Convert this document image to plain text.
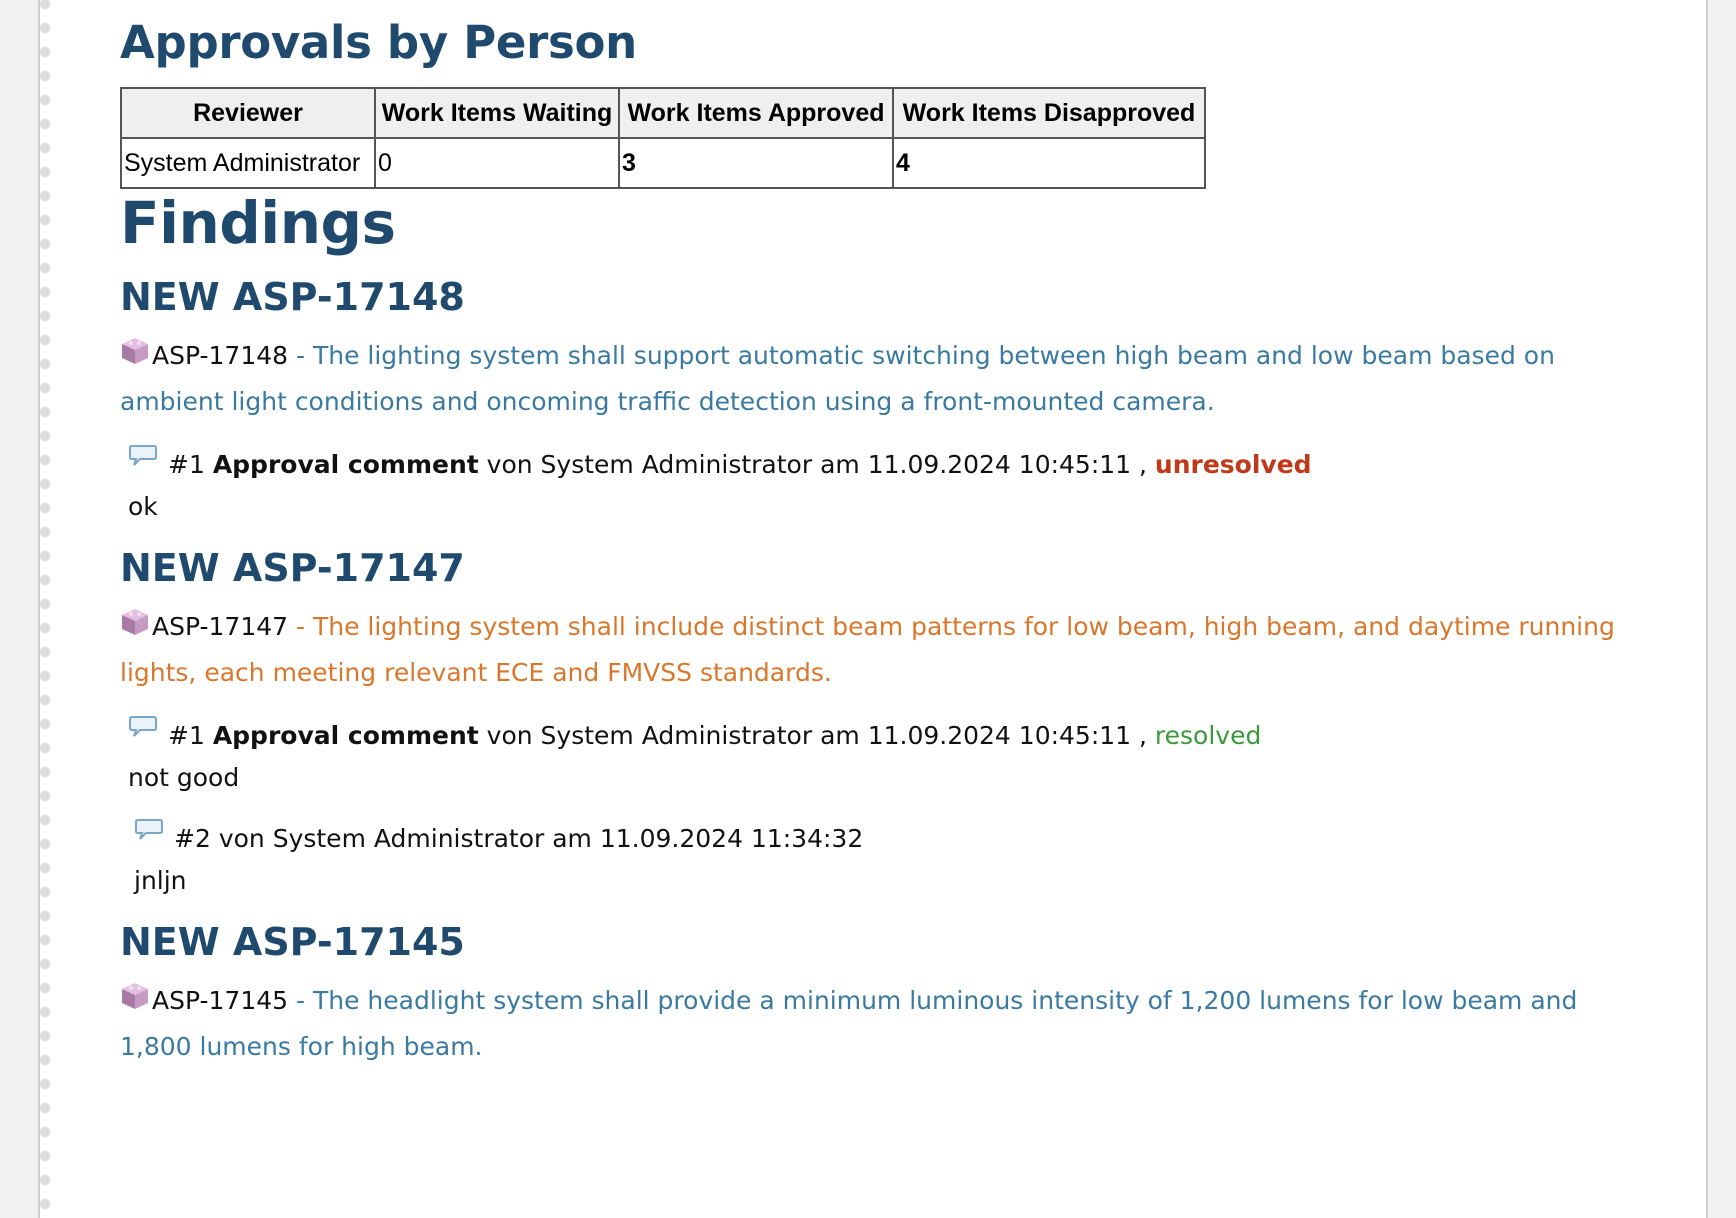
Approvals by Person
Reviewer	Work Items Waiting	Work Items Approved	Work Items Disapproved
System Administrator	0	3	4
Findings
NEW ASP-17148
ASP-17148 - The lighting system shall support automatic switching between high beam and low beam based on ambient light conditions and oncoming traffic detection using a front-mounted camera.
#1 Approval comment von System Administrator am 11.09.2024 10:45:11 , unresolved
ok
NEW ASP-17147
ASP-17147 - The lighting system shall include distinct beam patterns for low beam, high beam, and daytime running lights, each meeting relevant ECE and FMVSS standards.
#1 Approval comment von System Administrator am 11.09.2024 10:45:11 , resolved
not good
#2 von System Administrator am 11.09.2024 11:34:32
jnljn
NEW ASP-17145
ASP-17145 - The headlight system shall provide a minimum luminous intensity of 1,200 lumens for low beam and 1,800 lumens for high beam.
